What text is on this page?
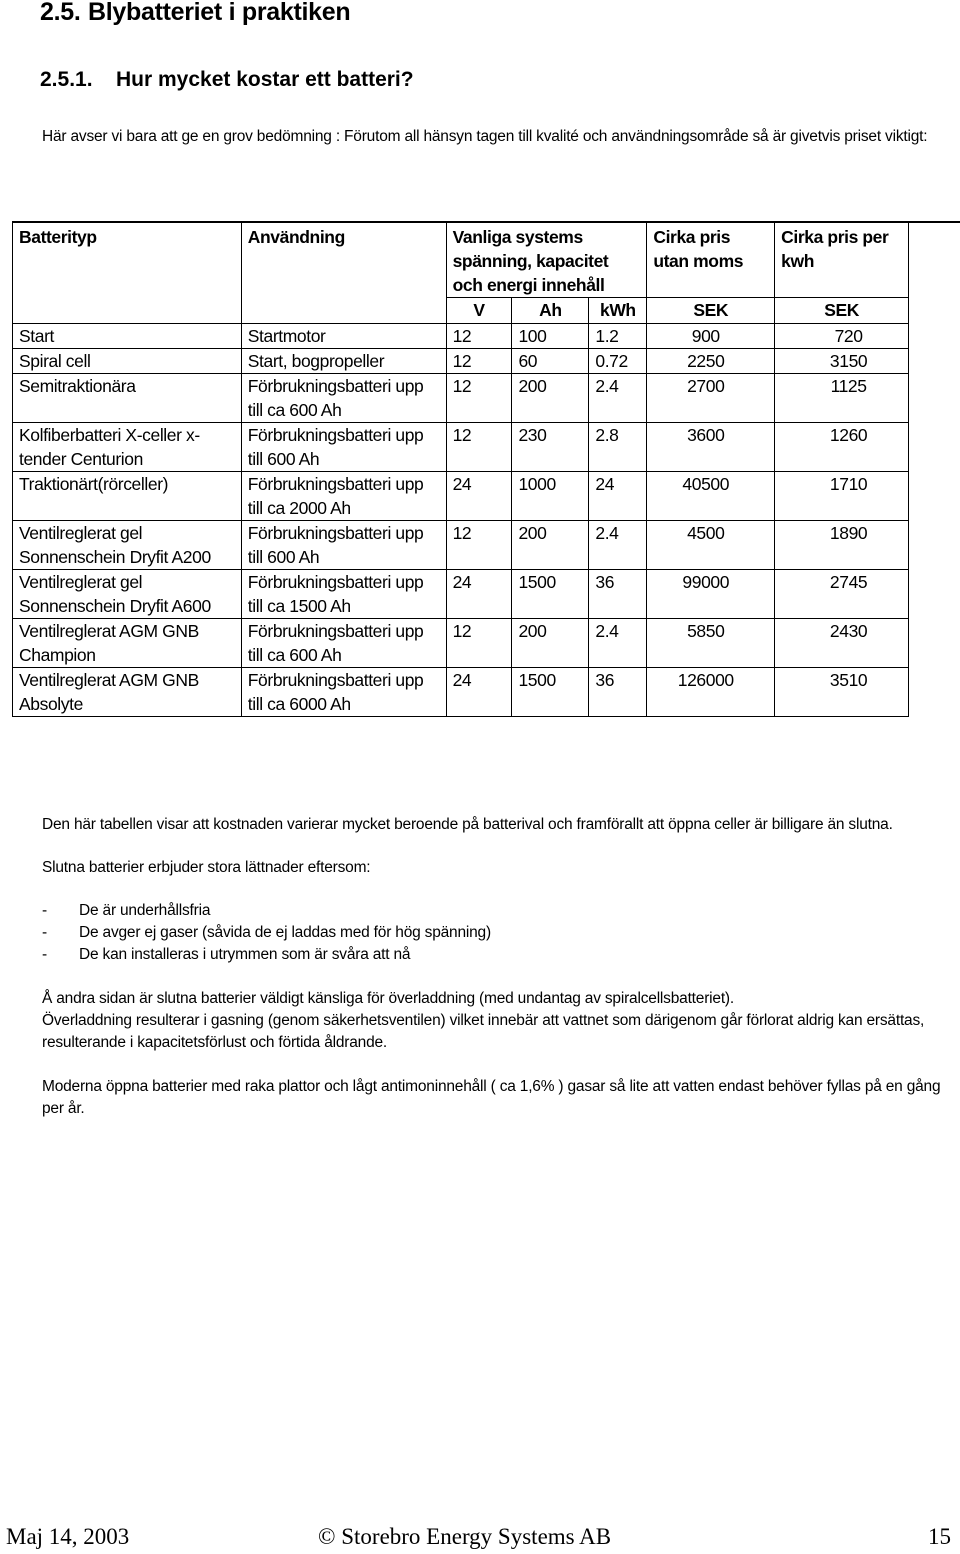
2.5. Blybatteriet i praktiken
2.5.1. Hur mycket kostar ett batteri?
Här avser vi bara att ge en grov bedömning : Förutom all hänsyn tagen till kvalité och användningsområde så är givetvis priset viktigt:
Batterityp	Användning	Vanliga systems spänning, kapacitet och energi innehåll			Cirka pris utan moms	Cirka pris per kwh
		V	Ah	kWh	SEK	SEK
Start	Startmotor	12	100	1.2	900	720
Spiral cell	Start, bogpropeller	12	60	0.72	2250	3150
Semitraktionära	Förbrukningsbatteri upp till ca 600 Ah	12	200	2.4	2700	1125
Kolfiberbatteri X-celler x-tender Centurion	Förbrukningsbatteri upp till 600 Ah	12	230	2.8	3600	1260
Traktionärt(rörceller)	Förbrukningsbatteri upp till ca 2000 Ah	24	1000	24	40500	1710
Ventilreglerat gel Sonnenschein Dryfit A200	Förbrukningsbatteri upp till 600 Ah	12	200	2.4	4500	1890
Ventilreglerat gel Sonnenschein Dryfit A600	Förbrukningsbatteri upp till ca 1500 Ah	24	1500	36	99000	2745
Ventilreglerat AGM GNB Champion	Förbrukningsbatteri upp till ca 600 Ah	12	200	2.4	5850	2430
Ventilreglerat AGM GNB Absolyte	Förbrukningsbatteri upp till ca 6000 Ah	24	1500	36	126000	3510
Den här tabellen visar att kostnaden varierar mycket beroende på batterival och framförallt att öppna celler är billigare än slutna.
Slutna batterier erbjuder stora lättnader eftersom:
- De är underhållsfria
- De avger ej gaser (såvida de ej laddas med för hög spänning)
- De kan installeras i utrymmen som är svåra att nå
Å andra sidan är slutna batterier väldigt känsliga för överladdning (med undantag av spiralcellsbatteriet).
Överladdning resulterar i gasning (genom säkerhetsventilen) vilket innebär att vattnet som därigenom går förlorat aldrig kan ersättas, resulterande i kapacitetsförlust och förtida åldrande.
Moderna öppna batterier med raka plattor och lågt antimoninnehåll ( ca 1,6% ) gasar så lite att vatten endast behöver fyllas på en gång per år.
Maj 14, 2003	© Storebro Energy Systems AB	15
